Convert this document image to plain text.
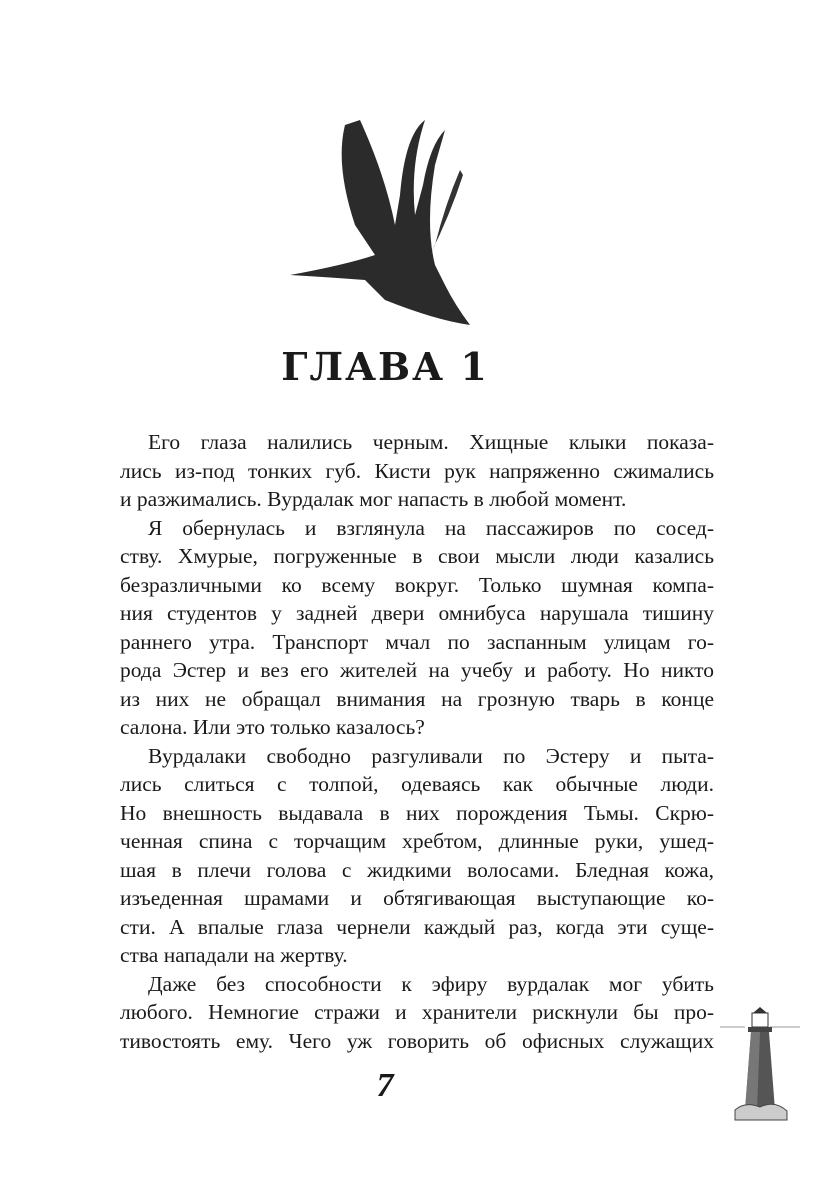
ГЛАВА 1
Его глаза налились черным. Хищные клыки показа-
лись из-под тонких губ. Кисти рук напряженно сжимались
и разжимались. Вурдалак мог напасть в любой момент.
Я обернулась и взглянула на пассажиров по сосед-
ству. Хмурые, погруженные в свои мысли люди казались
безразличными ко всему вокруг. Только шумная компа-
ния студентов у задней двери омнибуса нарушала тишину
раннего утра. Транспорт мчал по заспанным улицам го-
рода Эстер и вез его жителей на учебу и работу. Но никто
из них не обращал внимания на грозную тварь в конце
салона. Или это только казалось?
Вурдалаки свободно разгуливали по Эстеру и пыта-
лись слиться с толпой, одеваясь как обычные люди.
Но внешность выдавала в них порождения Тьмы. Скрю-
ченная спина с торчащим хребтом, длинные руки, ушед-
шая в плечи голова с жидкими волосами. Бледная кожа,
изъеденная шрамами и обтягивающая выступающие ко-
сти. А впалые глаза чернели каждый раз, когда эти суще-
ства нападали на жертву.
Даже без способности к эфиру вурдалак мог убить
любого. Немногие стражи и хранители рискнули бы про-
тивостоять ему. Чего уж говорить об офисных служащих
7
